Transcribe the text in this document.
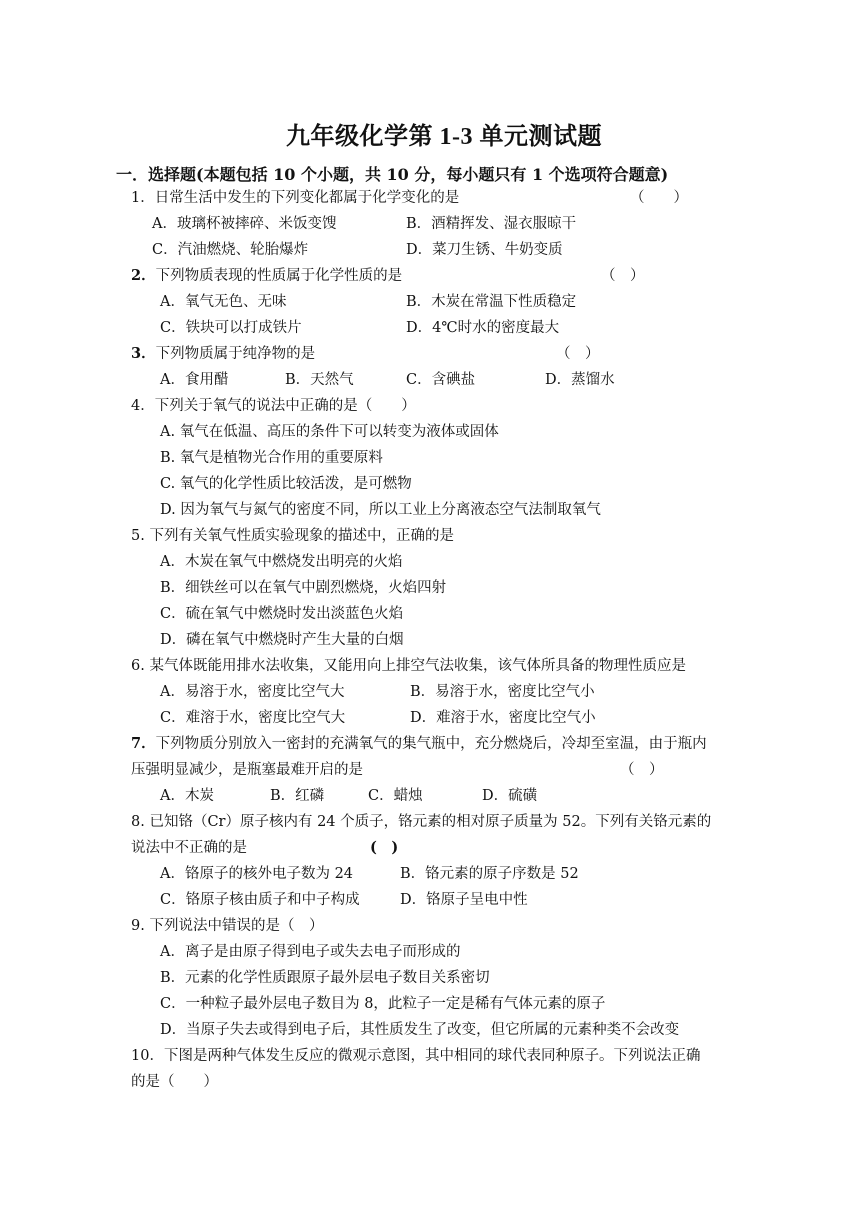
九年级化学第 1-3 单元测试题
一．选择题(本题包括 10 个小题，共 10 分，每小题只有 1 个选项符合题意)
1．日常生活中发生的下列变化都属于化学变化的是	（　　）
A．玻璃杯被摔碎、米饭变馊	B．酒精挥发、湿衣服晾干
C．汽油燃烧、轮胎爆炸	D．菜刀生锈、牛奶变质
2．下列物质表现的性质属于化学性质的是	（　）
A．氧气无色、无味	B．木炭在常温下性质稳定
C．铁块可以打成铁片	D．4℃时水的密度最大
3．下列物质属于纯净物的是	（　）
A．食用醋	B．天然气	C．含碘盐	D．蒸馏水
4．下列关于氧气的说法中正确的是（　　）
A. 氧气在低温、高压的条件下可以转变为液体或固体
B. 氧气是植物光合作用的重要原料
C. 氧气的化学性质比较活泼，是可燃物
D. 因为氧气与氮气的密度不同，所以工业上分离液态空气法制取氧气
5. 下列有关氧气性质实验现象的描述中，正确的是
A．木炭在氧气中燃烧发出明亮的火焰
B．细铁丝可以在氧气中剧烈燃烧，火焰四射
C．硫在氧气中燃烧时发出淡蓝色火焰
D．磷在氧气中燃烧时产生大量的白烟
6. 某气体既能用排水法收集，又能用向上排空气法收集，该气体所具备的物理性质应是
A．易溶于水，密度比空气大	B．易溶于水，密度比空气小
C．难溶于水，密度比空气大	D．难溶于水，密度比空气小
7．下列物质分别放入一密封的充满氧气的集气瓶中，充分燃烧后，冷却至室温，由于瓶内
压强明显减少，是瓶塞最难开启的是	（　）
A．木炭	B．红磷	C．蜡烛	D．硫磺
8. 已知铬（Cr）原子核内有 24 个质子，铬元素的相对原子质量为 52。下列有关铬元素的
说法中不正确的是	(　)
A．铬原子的核外电子数为 24	B．铬元素的原子序数是 52
C．铬原子核由质子和中子构成	D．铬原子呈电中性
9. 下列说法中错误的是（　）
A．离子是由原子得到电子或失去电子而形成的
B．元素的化学性质跟原子最外层电子数目关系密切
C．一种粒子最外层电子数目为 8，此粒子一定是稀有气体元素的原子
D．当原子失去或得到电子后，其性质发生了改变，但它所属的元素种类不会改变
10．下图是两种气体发生反应的微观示意图，其中相同的球代表同种原子。下列说法正确
的是（　　）
